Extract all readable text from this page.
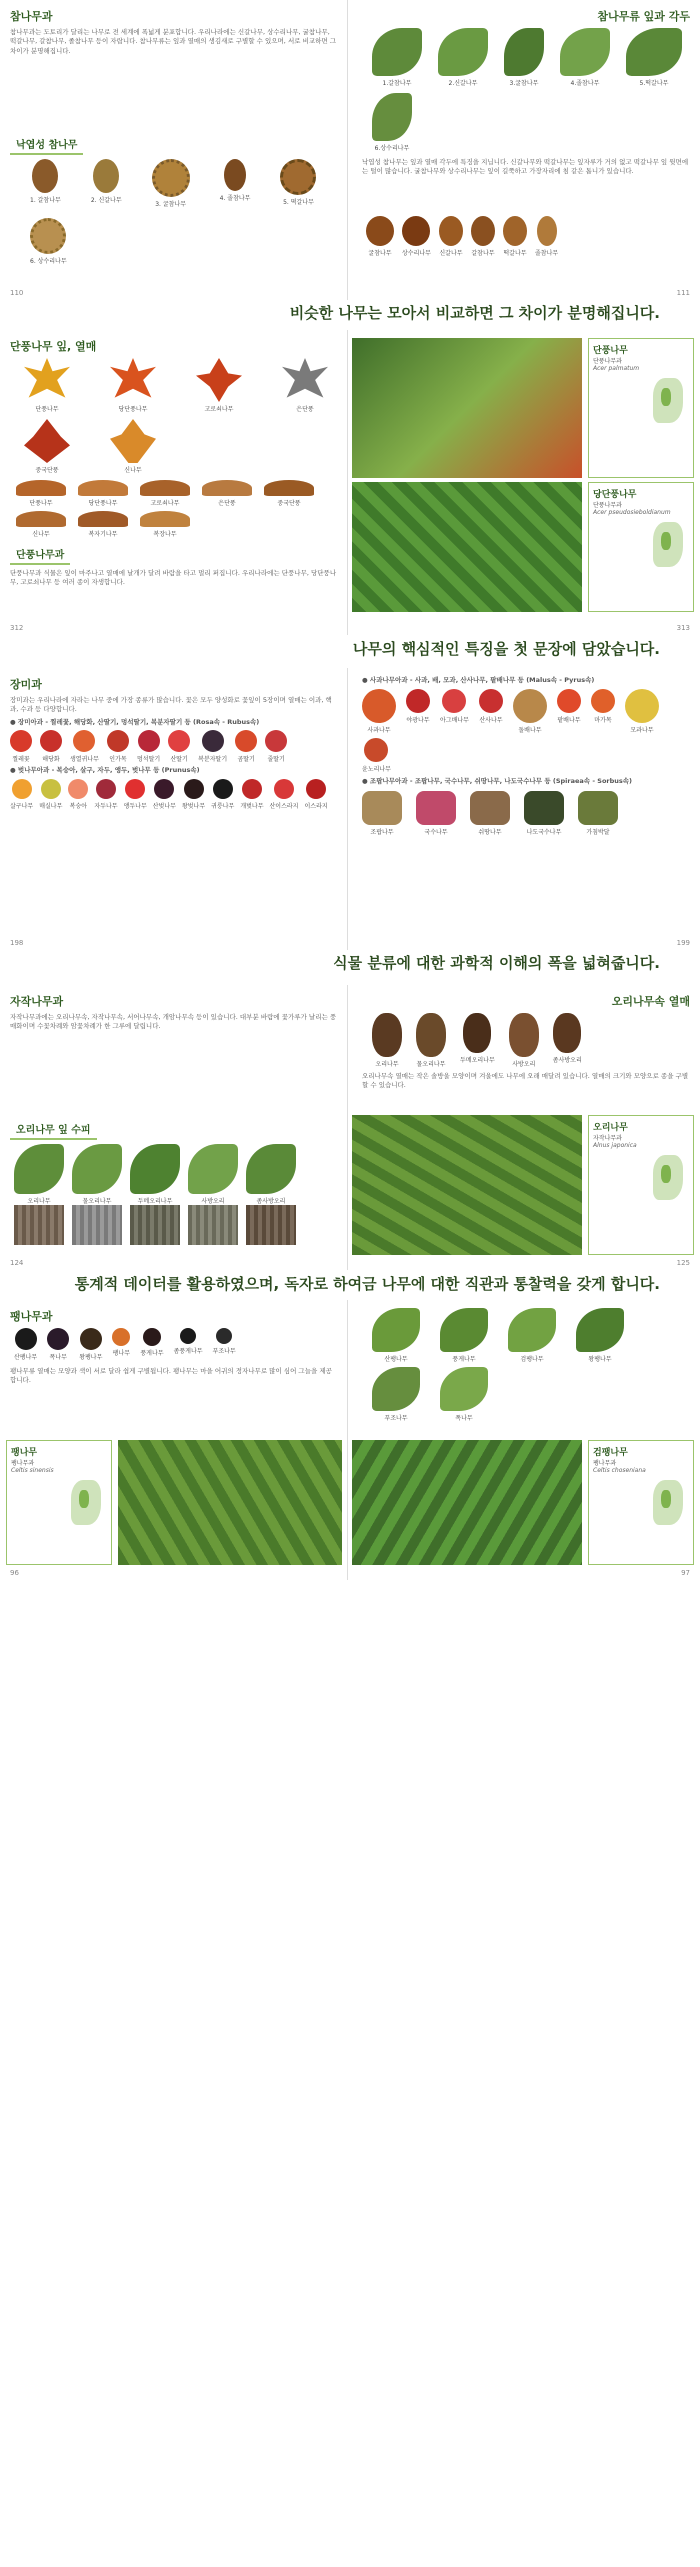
참나무과
참나무과는 도토리가 달리는 나무로 전 세계에 폭넓게 분포합니다. 우리나라에는 신갈나무, 상수리나무, 굴참나무, 떡갈나무, 갈참나무, 졸참나무 등이 자랍니다. 참나무류는 잎과 열매의 생김새로 구별할 수 있으며, 서로 비교하면 그 차이가 분명해집니다.
낙엽성 참나무
1. 갈참나무	2. 신갈나무
3. 굴참나무
4. 졸참나무
5. 떡갈나무
6. 상수리나무
110
참나무류 잎과 각두
1.갈참나무	2.신갈나무	3.굴참나무	4.졸참나무	5.떡갈나무
6.상수리나무
낙엽성 참나무는 잎과 열매 각두에 특징을 지닙니다. 신갈나무와 떡갈나무는 잎자루가 거의 없고 떡갈나무 잎 뒷면에는 털이 많습니다. 굴참나무와 상수리나무는 잎이 길쭉하고 가장자리에 침 같은 톱니가 있습니다.
굴참나무 상수리나무 신갈나무 갈참나무 떡갈나무 졸참나무
111
비슷한 나무는 모아서 비교하면 그 차이가 분명해집니다.
단풍나무 잎, 열매
단풍나무	당단풍나무	고로쇠나무	은단풍
중국단풍	신나무
단풍나무	당단풍나무	고로쇠나무	은단풍	중국단풍
신나무	복자기나무	복장나무
단풍나무과
단풍나무과 식물은 잎이 마주나고 열매에 날개가 달려 바람을 타고 멀리 퍼집니다. 우리나라에는 단풍나무, 당단풍나무, 고로쇠나무 등 여러 종이 자생합니다.
312
단풍나무
단풍나무과
Acer palmatum
당단풍나무
단풍나무과
Acer pseudosieboldianum
313
나무의 핵심적인 특징을 첫 문장에 담았습니다.
장미과
장미과는 우리나라에 자라는 나무 중에 가장 종류가 많습니다. 꽃은 모두 양성화로 꽃잎이 5장이며 열매는 이과, 핵과, 수과 등 다양합니다.
● 장미아과 - 찔레꽃, 해당화, 산딸기, 멍석딸기, 복분자딸기 등 (Rosa속 - Rubus속)
찔레꽃 해당화 생열귀나무 인가목 멍석딸기 산딸기 복분자딸기 곰딸기 줄딸기
● 벚나무아과 - 복숭아, 살구, 자두, 앵두, 벚나무 등 (Prunus속)
살구나무 매실나무 복숭아 자두나무 앵두나무 산벚나무 왕벚나무 귀룽나무 개벚나무 산이스라지 이스라지
198
● 사과나무아과 - 사과, 배, 모과, 산사나무, 팥배나무 등 (Malus속 - Pyrus속)
사과나무
야광나무 아그배나무 산사나무
돌배나무
팥배나무 마가목
모과나무
윤노리나무
● 조팝나무아과 - 조팝나무, 국수나무, 쉬땅나무, 나도국수나무 등 (Spiraea속 - Sorbus속)
조팝나무	국수나무	쉬땅나무	나도국수나무	가침박달
199
식물 분류에 대한 과학적 이해의 폭을 넓혀줍니다.
자작나무과
자작나무과에는 오리나무속, 자작나무속, 서어나무속, 개암나무속 등이 있습니다. 대부분 바람에 꽃가루가 날리는 풍매화이며 수꽃차례와 암꽃차례가 한 그루에 달립니다.
오리나무 잎 수피
오리나무	물오리나무	두메오리나무	사방오리	좀사방오리
124
오리나무속 열매
오리나무	물오리나무
두메오리나무
사방오리
좀사방오리
오리나무속 열매는 작은 솔방울 모양이며 겨울에도 나무에 오래 매달려 있습니다. 열매의 크기와 모양으로 종을 구별할 수 있습니다.
오리나무
자작나무과
Alnus japonica
125
통계적 데이터를 활용하였으며, 독자로 하여금 나무에 대한 직관과 통찰력을 갖게 합니다.
팽나무과
산팽나무 폭나무 왕팽나무
팽나무 풍게나무 좀풍게나무 푸조나무
팽나무류 열매는 모양과 색이 서로 달라 쉽게 구별됩니다. 팽나무는 마을 어귀의 정자나무로 많이 심어 그늘을 제공합니다.
팽나무
팽나무과
Celtis sinensis
96
산팽나무	풍게나무	검팽나무	왕팽나무
푸조나무	폭나무
검팽나무
팽나무과
Celtis choseniana
97
